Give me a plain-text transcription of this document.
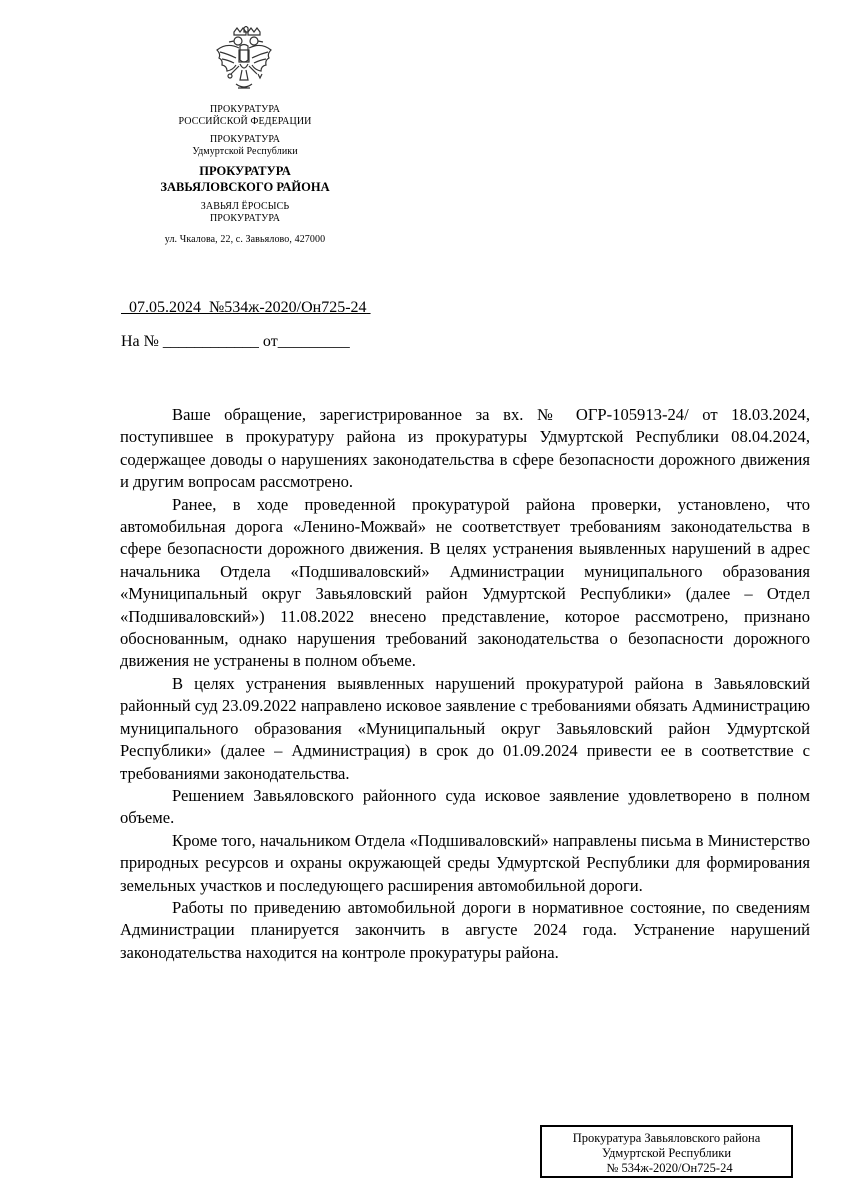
ПРОКУРАТУРА
РОССИЙСКОЙ ФЕДЕРАЦИИ
ПРОКУРАТУРА
Удмуртской Республики
ПРОКУРАТУРА
ЗАВЬЯЛОВСКОГО РАЙОНА
ЗАВЬЯЛ ЁРОСЫСЬ
ПРОКУРАТУРА
ул. Чкалова, 22, с. Завьялово, 427000
07.05.2024 №534ж-2020/Он725-24
На № ____________ от_________

Ваше обращение, зарегистрированное за вх. № ОГР-105913-24/ от 18.03.2024, поступившее в прокуратуру района из прокуратуры Удмуртской Республики 08.04.2024, содержащее доводы о нарушениях законодательства в сфере безопасности дорожного движения и другим вопросам рассмотрено.

Ранее, в ходе проведенной прокуратурой района проверки, установлено, что автомобильная дорога «Ленино-Можвай» не соответствует требованиям законодательства в сфере безопасности дорожного движения. В целях устранения выявленных нарушений в адрес начальника Отдела «Подшиваловский» Администрации муниципального образования «Муниципальный округ Завьяловский район Удмуртской Республики» (далее – Отдел «Подшиваловский») 11.08.2022 внесено представление, которое рассмотрено, признано обоснованным, однако нарушения требований законодательства о безопасности дорожного движения не устранены в полном объеме.

В целях устранения выявленных нарушений прокуратурой района в Завьяловский районный суд 23.09.2022 направлено исковое заявление с требованиями обязать Администрацию муниципального образования «Муниципальный округ Завьяловский район Удмуртской Республики» (далее – Администрация) в срок до 01.09.2024 привести ее в соответствие с требованиями законодательства.

Решением Завьяловского районного суда исковое заявление удовлетворено в полном объеме.

Кроме того, начальником Отдела «Подшиваловский» направлены письма в Министерство природных ресурсов и охраны окружающей среды Удмуртской Республики для формирования земельных участков и последующего расширения автомобильной дороги.

Работы по приведению автомобильной дороги в нормативное состояние, по сведениям Администрации планируется закончить в августе 2024 года. Устранение нарушений законодательства находится на контроле прокуратуры района.

Прокуратура Завьяловского района
Удмуртской Республики
№ 534ж-2020/Он725-24
